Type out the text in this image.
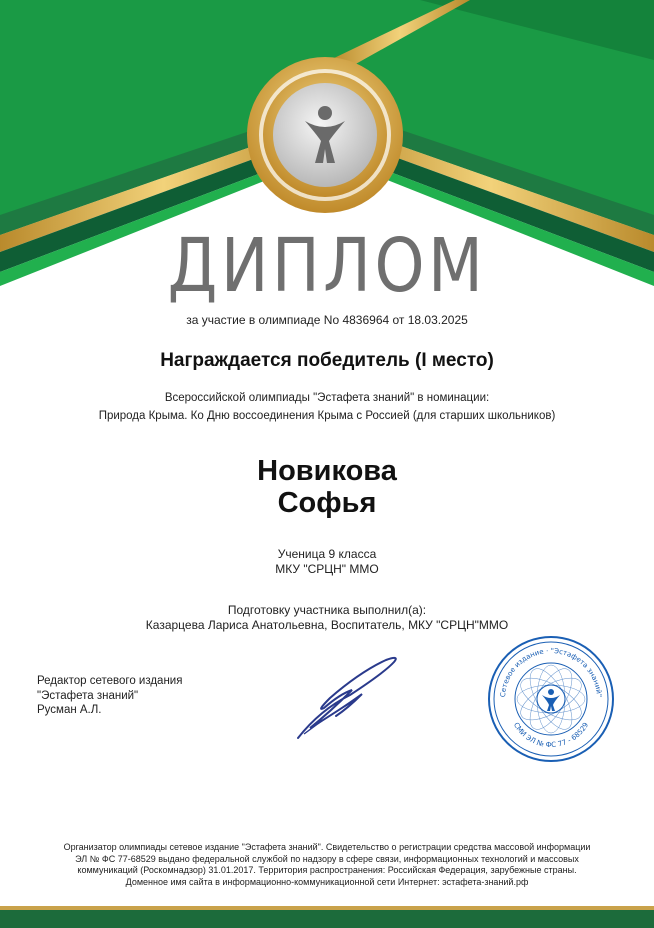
ДИПЛОМ
за участие в олимпиаде No 4836964 от 18.03.2025
Награждается победитель (I место)
Всероссийской олимпиады "Эстафета знаний" в номинации:
Природа Крыма. Ко Дню воссоединения Крыма с Россией (для старших школьников)
Новикова
Софья
Ученица 9 класса
МКУ "СРЦН" ММО
Подготовку участника выполнил(а):
Казарцева Лариса Анатольевна, Воспитатель, МКУ "СРЦН"ММО
Редактор сетевого издания
"Эстафета знаний"
Русман А.Л.
Сетевое издание · "Эстафета знаний"
СМИ ЭЛ № ФС 77 - 68529
Организатор олимпиады сетевое издание "Эстафета знаний". Свидетельство о регистрации средства массовой информации ЭЛ № ФС 77-68529 выдано федеральной службой по надзору в сфере связи, информационных технологий и массовых коммуникаций (Роскомнадзор) 31.01.2017. Территория распространения: Российская Федерация, зарубежные страны. Доменное имя сайта в информационно-коммуникационной сети Интернет: эстафета-знаний.рф
